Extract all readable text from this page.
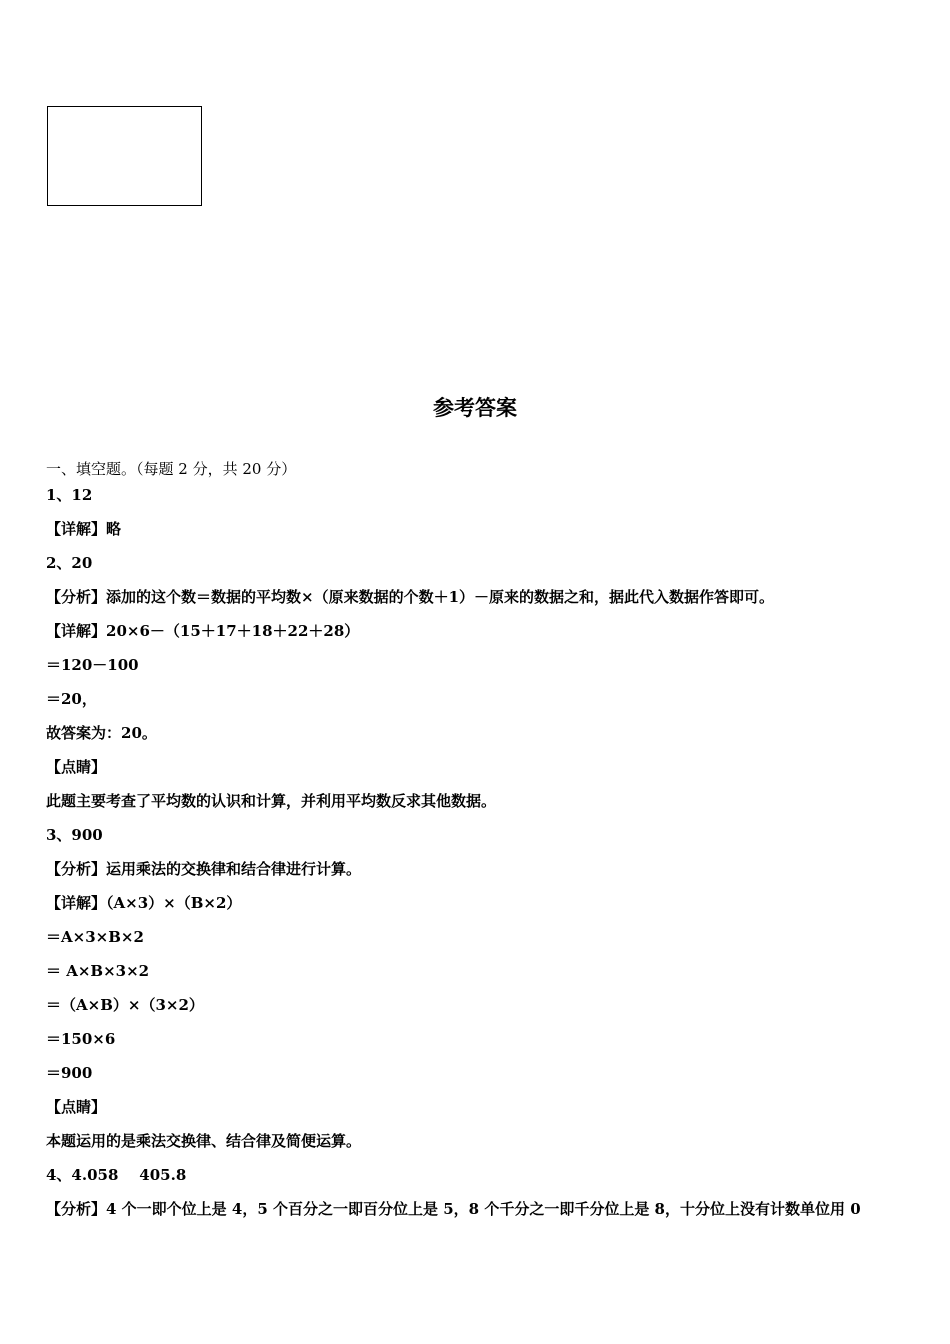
参考答案
一、填空题。（每题 2 分，共 20 分）
1、12
【详解】略
2、20
【分析】添加的这个数＝数据的平均数×（原来数据的个数＋1）－原来的数据之和，据此代入数据作答即可。
【详解】20×6－（15＋17＋18＋22＋28）
＝120－100
＝20，
故答案为：20。
【点睛】
此题主要考查了平均数的认识和计算，并利用平均数反求其他数据。
3、900
【分析】运用乘法的交换律和结合律进行计算。
【详解】（A×3）×（B×2）
＝A×3×B×2
＝ A×B×3×2
＝（A×B）×（3×2）
＝150×6
＝900
【点睛】
本题运用的是乘法交换律、结合律及简便运算。
4、4.058    405.8
【分析】4 个一即个位上是 4，5 个百分之一即百分位上是 5，8 个千分之一即千分位上是 8，十分位上没有计数单位用 0
